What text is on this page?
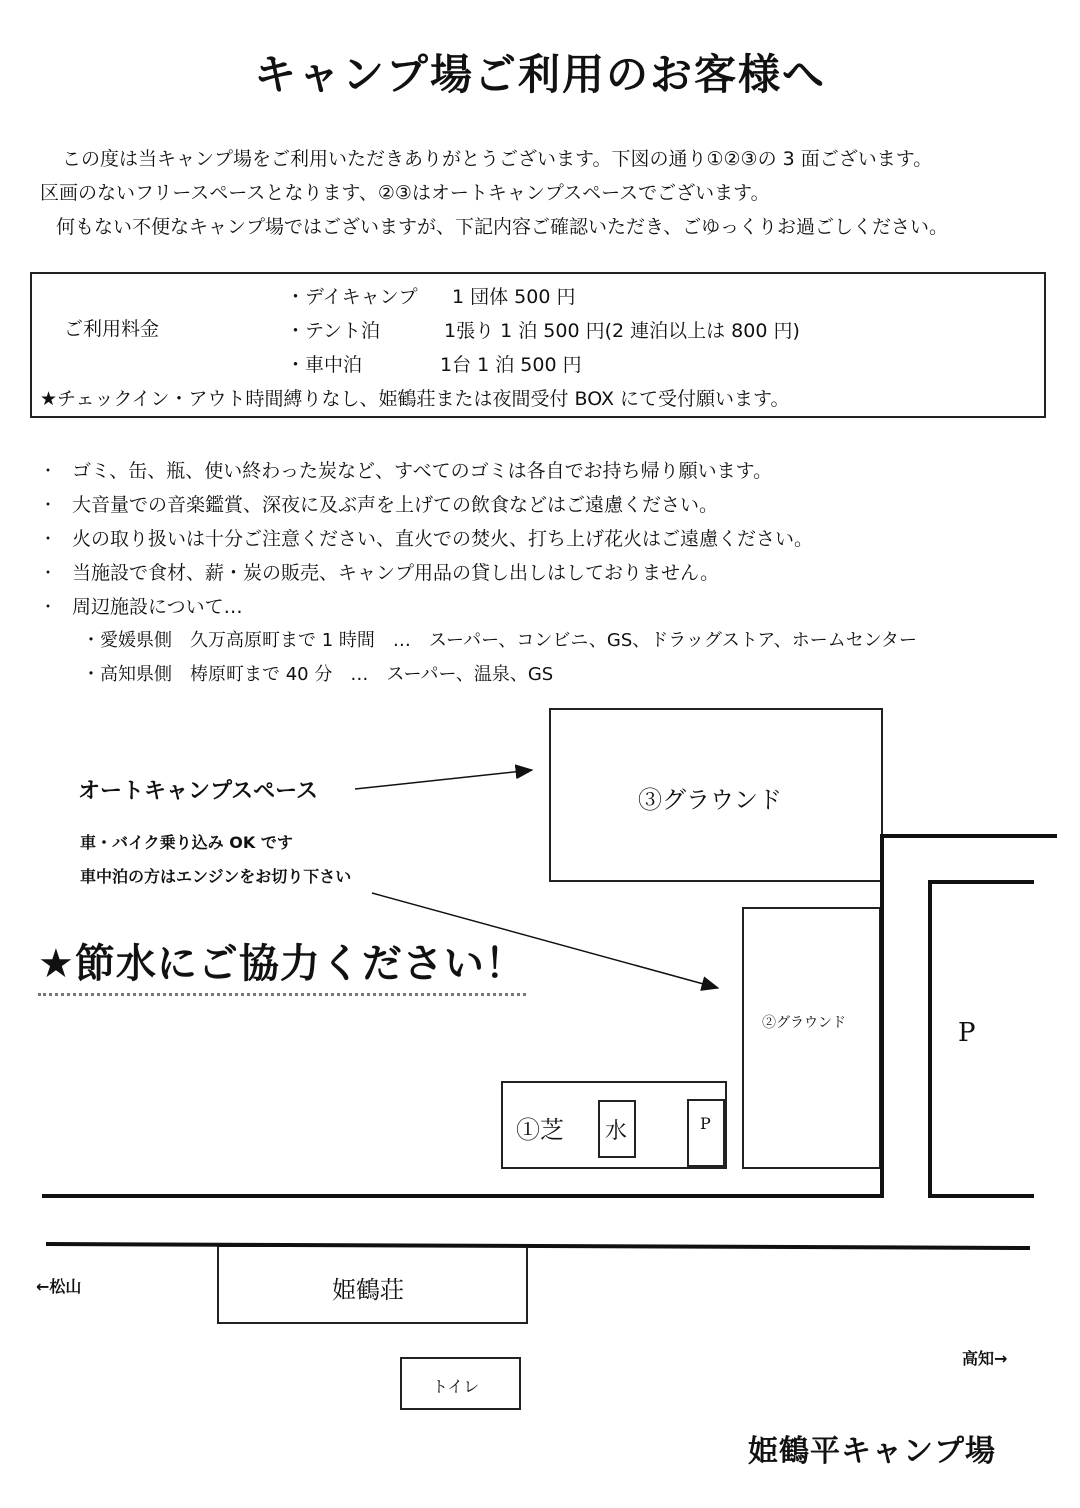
キャンプ場ご利用のお客様へ
この度は当キャンプ場をご利用いただきありがとうございます。下図の通り①②③の 3 面ございます。
区画のないフリースペースとなります、②③はオートキャンプスペースでございます。
何もない不便なキャンプ場ではございますが、下記内容ご確認いただき、ごゆっくりお過ごしください。
ご利用料金
・デイキャンプ 1 団体 500 円
・テント泊	1張り 1 泊 500 円(2 連泊以上は 800 円)
・車中泊	1台 1 泊 500 円
★チェックイン・アウト時間縛りなし、姫鶴荘または夜間受付 BOX にて受付願います。
・ ゴミ、缶、瓶、使い終わった炭など、すべてのゴミは各自でお持ち帰り願います。
・ 大音量での音楽鑑賞、深夜に及ぶ声を上げての飲食などはご遠慮ください。
・ 火の取り扱いは十分ご注意ください、直火での焚火、打ち上げ花火はご遠慮ください。
・ 当施設で食材、薪・炭の販売、キャンプ用品の貸し出しはしておりません。
・ 周辺施設について…
・愛媛県側　久万高原町まで 1 時間　…　スーパー、コンビニ、GS、ドラッグストア、ホームセンター
・高知県側　梼原町まで 40 分　…　スーパー、温泉、GS
オートキャンプスペース
車・バイク乗り込み OK です
車中泊の方はエンジンをお切り下さい
★節水にご協力ください！
③グラウンド
②グラウンド
①芝 水	P
P
姫鶴荘
トイレ
←松山
高知→
姫鶴平キャンプ場
